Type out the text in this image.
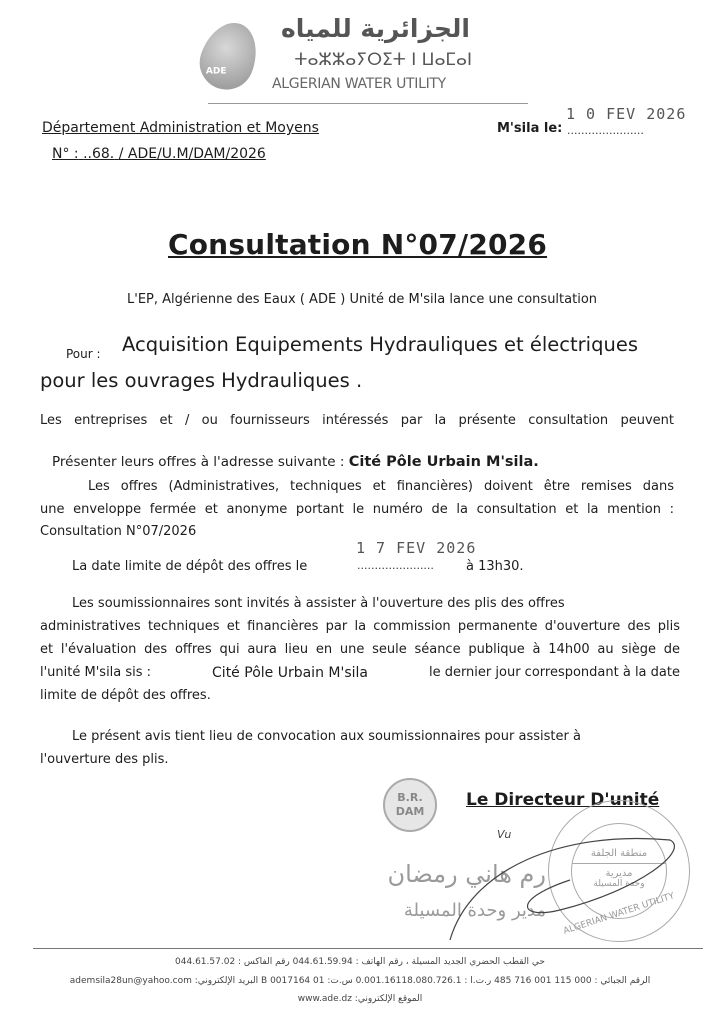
ADE
الجزائرية للمياه
ⵜⴰⵣⵣⴰⵢⵔⵉⵜ ⵏ ⵡⴰⵎⴰⵏ
ALGERIAN WATER UTILITY
Département Administration et Moyens	M'sila le:
1 0 FEV 2026
......................
N° : ..68. / ADE/U.M/DAM/2026
Consultation N°07/2026
L'EP, Algérienne des Eaux ( ADE ) Unité de M'sila lance une consultation
Pour : Acquisition Equipements Hydrauliques et électriques
pour les ouvrages Hydrauliques .
Les entreprises et / ou fournisseurs intéressés par la présente consultation peuvent
Présenter leurs offres à l'adresse suivante : Cité Pôle Urbain M'sila.
Les offres (Administratives, techniques et financières) doivent être remises dans
une enveloppe fermée et anonyme portant le numéro de la consultation et la mention :
Consultation N°07/2026
La date limite de dépôt des offres le
1 7 FEV 2026
...................... à 13h30.
Les soumissionnaires sont invités à assister à l'ouverture des plis des offres
administratives techniques et financières par la commission permanente d'ouverture des plis
et l'évaluation des offres qui aura lieu en une seule séance publique à 14h00 au siège de
l'unité M'sila sis :	Cité Pôle Urbain M'sila	le dernier jour correspondant à la date
limite de dépôt des offres.
Le présent avis tient lieu de convocation aux soumissionnaires pour assister à
l'ouverture des plis.
B.R. DAM
Le Directeur D'unité
Vu
منطقة الجلفة
مديرية
وحدة المسيلة
ALGERIAN WATER UTILITY
رم هاني رمضان
مدير وحدة المسيلة
حي القطب الحضري الجديد المسيلة ، رقم الهاتف : 044.61.59.94 رقم الفاكس : 044.61.57.02
الرقم الجبائي : 000 115 001 716 485 ر.ت.ا : 0.001.16118.080.726.1 س.ت: 01 B 0017164 البريد الإلكتروني: ademsila28un@yahoo.com
الموقع الإلكتروني: www.ade.dz
